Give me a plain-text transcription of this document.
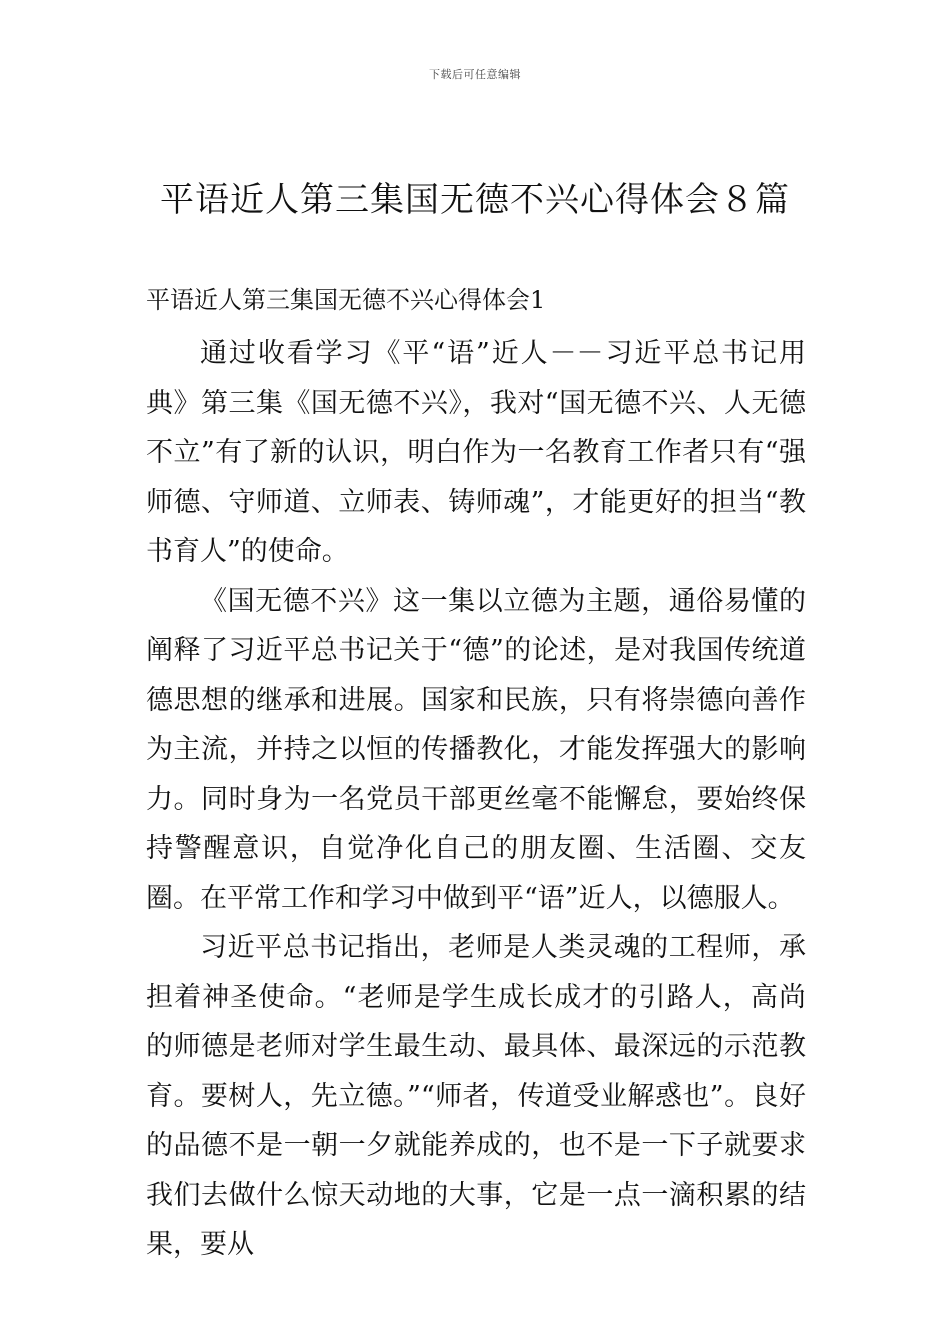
下载后可任意编辑
平语近人第三集国无德不兴心得体会８篇
平语近人第三集国无德不兴心得体会1

通过收看学习《平“语”近人－－习近平总书记用典》第三集《国无德不兴》，我对“国无德不兴、人无德不立”有了新的认识，明白作为一名教育工作者只有“强师德、守师道、立师表、铸师魂”，才能更好的担当“教书育人”的使命。

《国无德不兴》这一集以立德为主题，通俗易懂的阐释了习近平总书记关于“德”的论述，是对我国传统道德思想的继承和进展。国家和民族，只有将崇德向善作为主流，并持之以恒的传播教化，才能发挥强大的影响力。同时身为一名党员干部更丝毫不能懈怠，要始终保持警醒意识，自觉净化自己的朋友圈、生活圈、交友圈。在平常工作和学习中做到平“语”近人，以德服人。

习近平总书记指出，老师是人类灵魂的工程师，承担着神圣使命。“老师是学生成长成才的引路人，高尚的师德是老师对学生最生动、最具体、最深远的示范教育。要树人，先立德。”“师者，传道受业解惑也”。良好的品德不是一朝一夕就能养成的，也不是一下子就要求我们去做什么惊天动地的大事，它是一点一滴积累的结果，要从
